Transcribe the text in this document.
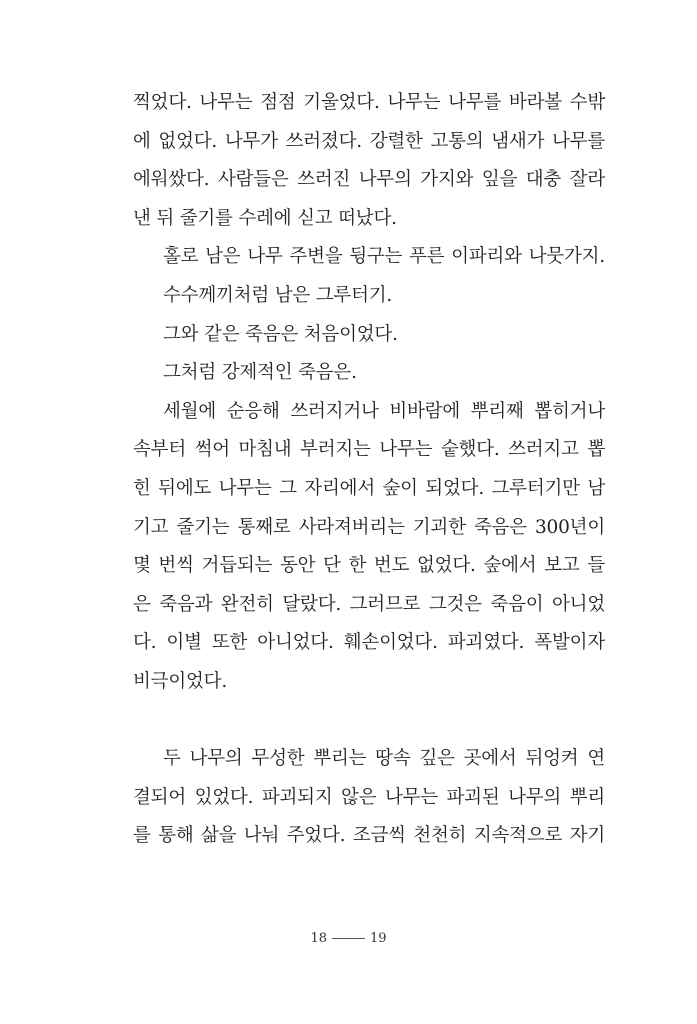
찍었다. 나무는 점점 기울었다. 나무는 나무를 바라볼 수밖
에 없었다. 나무가 쓰러졌다. 강렬한 고통의 냄새가 나무를
에워쌌다. 사람들은 쓰러진 나무의 가지와 잎을 대충 잘라
낸 뒤 줄기를 수레에 싣고 떠났다.
홀로 남은 나무 주변을 뒹구는 푸른 이파리와 나뭇가지.
수수께끼처럼 남은 그루터기.
그와 같은 죽음은 처음이었다.
그처럼 강제적인 죽음은.
세월에 순응해 쓰러지거나 비바람에 뿌리째 뽑히거나
속부터 썩어 마침내 부러지는 나무는 숱했다. 쓰러지고 뽑
힌 뒤에도 나무는 그 자리에서 숲이 되었다. 그루터기만 남
기고 줄기는 통째로 사라져버리는 기괴한 죽음은 300년이
몇 번씩 거듭되는 동안 단 한 번도 없었다. 숲에서 보고 들
은 죽음과 완전히 달랐다. 그러므로 그것은 죽음이 아니었
다. 이별 또한 아니었다. 훼손이었다. 파괴였다. 폭발이자
비극이었다.
두 나무의 무성한 뿌리는 땅속 깊은 곳에서 뒤엉켜 연
결되어 있었다. 파괴되지 않은 나무는 파괴된 나무의 뿌리
를 통해 삶을 나눠 주었다. 조금씩 천천히 지속적으로 자기
18	19
